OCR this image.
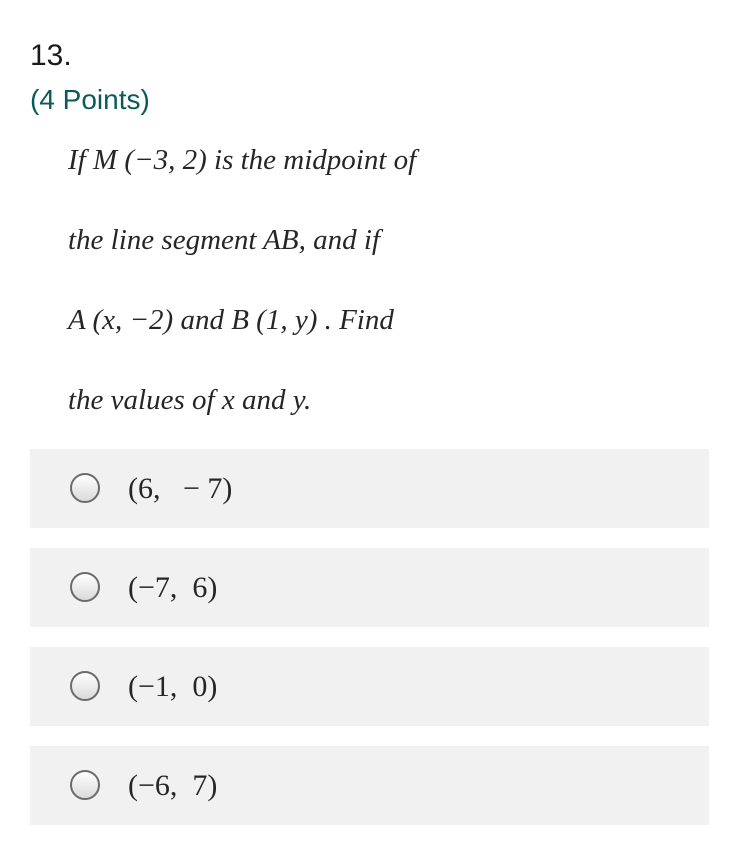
13.
(4 Points)
If M (−3, 2) is the midpoint of
the line segment AB, and if
A (x, −2) and B (1, y) . Find
the values of x and y.
(6,   − 7)
(−7,  6)
(−1,  0)
(−6,  7)
